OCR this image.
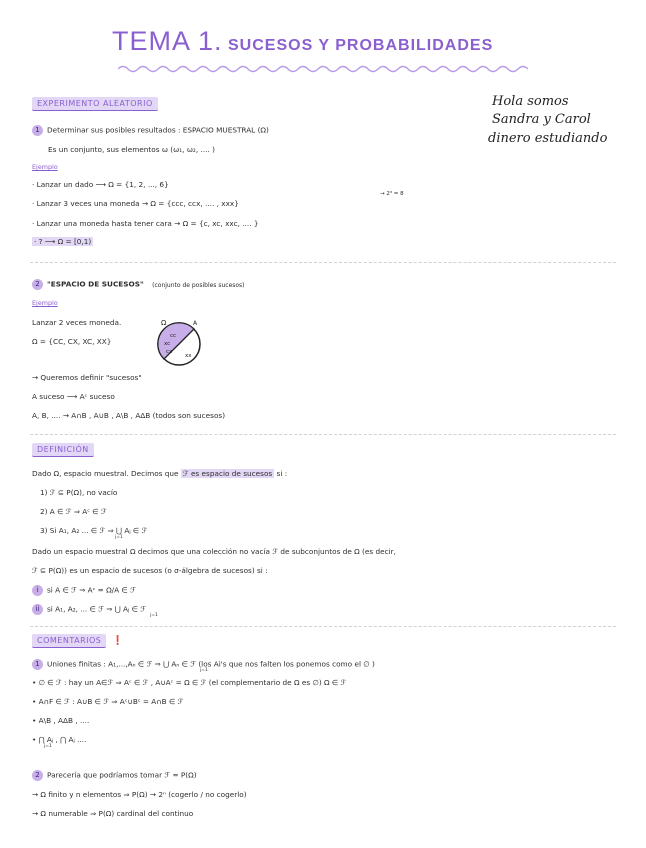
TEMA 1. SUCESOS Y PROBABILIDADES
Hola somos
Sandra y Carol
dinero estudiando
EXPERIMENTO ALEATORIO
1 Determinar sus posibles resultados : ESPACIO MUESTRAL (Ω)
Es un conjunto, sus elementos ω (ω₁, ω₂, .... )
Ejemplo
· Lanzar un dado ⟶ Ω = {1, 2, ..., 6}
→ 2³ = 8
· Lanzar 3 veces una moneda → Ω = {ccc, ccx, .... , xxx}
· Lanzar una moneda hasta tener cara → Ω = {c, xc, xxc, .... }
· ? ⟶ Ω = [0,1)
2 "ESPACIO DE SUCESOS" (conjunto de posibles sucesos)
Ejemplo
Lanzar 2 veces moneda.
Ω = {CC, CX, XC, XX}
Ω	A
cc
xc
cx
xx
→ Queremos definir "sucesos"
A suceso ⟶ Aᶜ suceso
A, B, .... → A∩B , A∪B , A\B , AΔB (todos son sucesos)
DEFINICIÓN
Dado Ω, espacio muestral. Decimos que ℱ es espacio de sucesos si :
1) ℱ ⊆ P(Ω), no vacío
2) A ∈ ℱ ⇒ Aᶜ ∈ ℱ
3) Si A₁, A₂ ... ∈ ℱ ⇒ ⋃ Aⱼ ∈ ℱ
j=1
Dado un espacio muestral Ω decimos que una colección no vacía ℱ de subconjuntos de Ω (es decir,
ℱ ⊆ P(Ω)) es un espacio de sucesos (o σ-álgebra de sucesos) si :
i si A ∈ ℱ ⇒ Aᶜ = Ω/A ∈ ℱ
ii si A₁, A₂, ... ∈ ℱ ⇒ ⋃ Aⱼ ∈ ℱ
j=1
COMENTARIOS ❗
1 Uniones finitas : A₁,...,Aₙ ∈ ℱ ⇒ ⋃ Aₙ ∈ ℱ (los Ai's que nos falten los ponemos como el ∅ )
j=1
• ∅ ∈ ℱ : hay un A∈ℱ ⇒ Aᶜ ∈ ℱ , A∪Aᶜ = Ω ∈ ℱ (el complementario de Ω es ∅) Ω ∈ ℱ
• A∩F ∈ ℱ : A∪B ∈ ℱ ⇒ Aᶜ∪Bᶜ = A∩B ∈ ℱ
• A\B , AΔB , ....
• ⋂ Aⱼ , ⋂ Aⱼ ....
j=1
2 Parecería que podríamos tomar ℱ = P(Ω)
→ Ω finito y n elementos ⇒ P(Ω) → 2ⁿ (cogerlo / no cogerlo)
→ Ω numerable ⇒ P(Ω) cardinal del continuo
